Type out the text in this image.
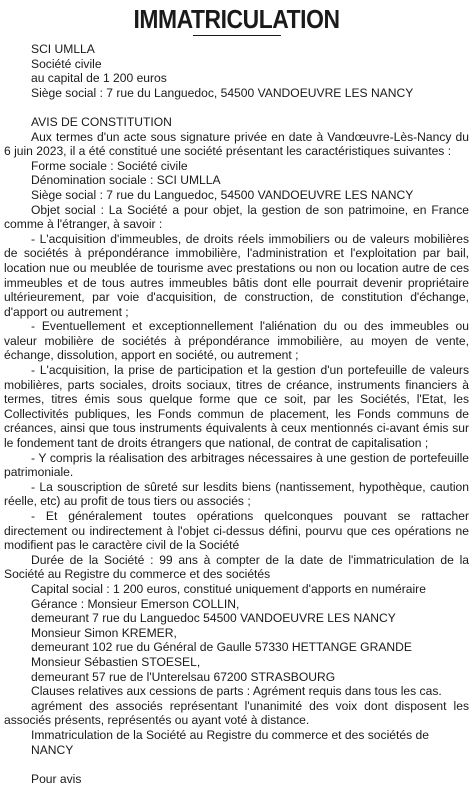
IMMATRICULATION

SCI UMLLA

Société civile

au capital de 1 200 euros

Siège social : 7 rue du Languedoc, 54500 VANDOEUVRE LES NANCY

AVIS DE CONSTITUTION

Aux termes d'un acte sous signature privée en date à Vandœuvre-Lès-Nancy du 6 juin 2023, il a été constitué une société présentant les caractéristiques suivantes :

Forme sociale : Société civile

Dénomination sociale : SCI UMLLA

Siège social : 7 rue du Languedoc, 54500 VANDOEUVRE LES NANCY

Objet social : La Société a pour objet, la gestion de son patrimoine, en France comme à l'étranger, à savoir :

- L'acquisition d'immeubles, de droits réels immobiliers ou de valeurs mobilières de sociétés à prépondérance immobilière, l'administration et l'exploitation par bail, location nue ou meublée de tourisme avec prestations ou non ou location autre de ces immeubles et de tous autres immeubles bâtis dont elle pourrait devenir propriétaire ultérieurement, par voie d'acquisition, de construction, de constitution d'échange, d'apport ou autrement ;

- Eventuellement et exceptionnellement l'aliénation du ou des immeubles ou valeur mobilière de sociétés à prépondérance immobilière, au moyen de vente, échange, dissolution, apport en société, ou autrement ;

- L'acquisition, la prise de participation et la gestion d'un portefeuille de valeurs mobilières, parts sociales, droits sociaux, titres de créance, instruments financiers à termes, titres émis sous quelque forme que ce soit, par les Sociétés, l'Etat, les Collectivités publiques, les Fonds commun de placement, les Fonds communs de créances, ainsi que tous instruments équivalents à ceux mentionnés ci-avant émis sur le fondement tant de droits étrangers que national, de contrat de capitalisation ;

- Y compris la réalisation des arbitrages nécessaires à une gestion de portefeuille patrimoniale.

- La souscription de sûreté sur lesdits biens (nantissement, hypothèque, caution réelle, etc) au profit de tous tiers ou associés ;

- Et généralement toutes opérations quelconques pouvant se rattacher directement ou indirectement à l'objet ci-dessus défini, pourvu que ces opérations ne modifient pas le caractère civil de la Société

Durée de la Société : 99 ans à compter de la date de l'immatriculation de la Société au Registre du commerce et des sociétés

Capital social : 1 200 euros, constitué uniquement d'apports en numéraire

Gérance : Monsieur Emerson COLLIN,

demeurant 7 rue du Languedoc 54500 VANDOEUVRE LES NANCY

Monsieur Simon KREMER,

demeurant 102 rue du Général de Gaulle 57330 HETTANGE GRANDE

Monsieur Sébastien STOESEL,

demeurant 57 rue de l'Unterelsau 67200 STRASBOURG

Clauses relatives aux cessions de parts : Agrément requis dans tous les cas.

agrément des associés représentant l'unanimité des voix dont disposent les associés présents, représentés ou ayant voté à distance.

Immatriculation de la Société au Registre du commerce et des sociétés de NANCY

Pour avis
